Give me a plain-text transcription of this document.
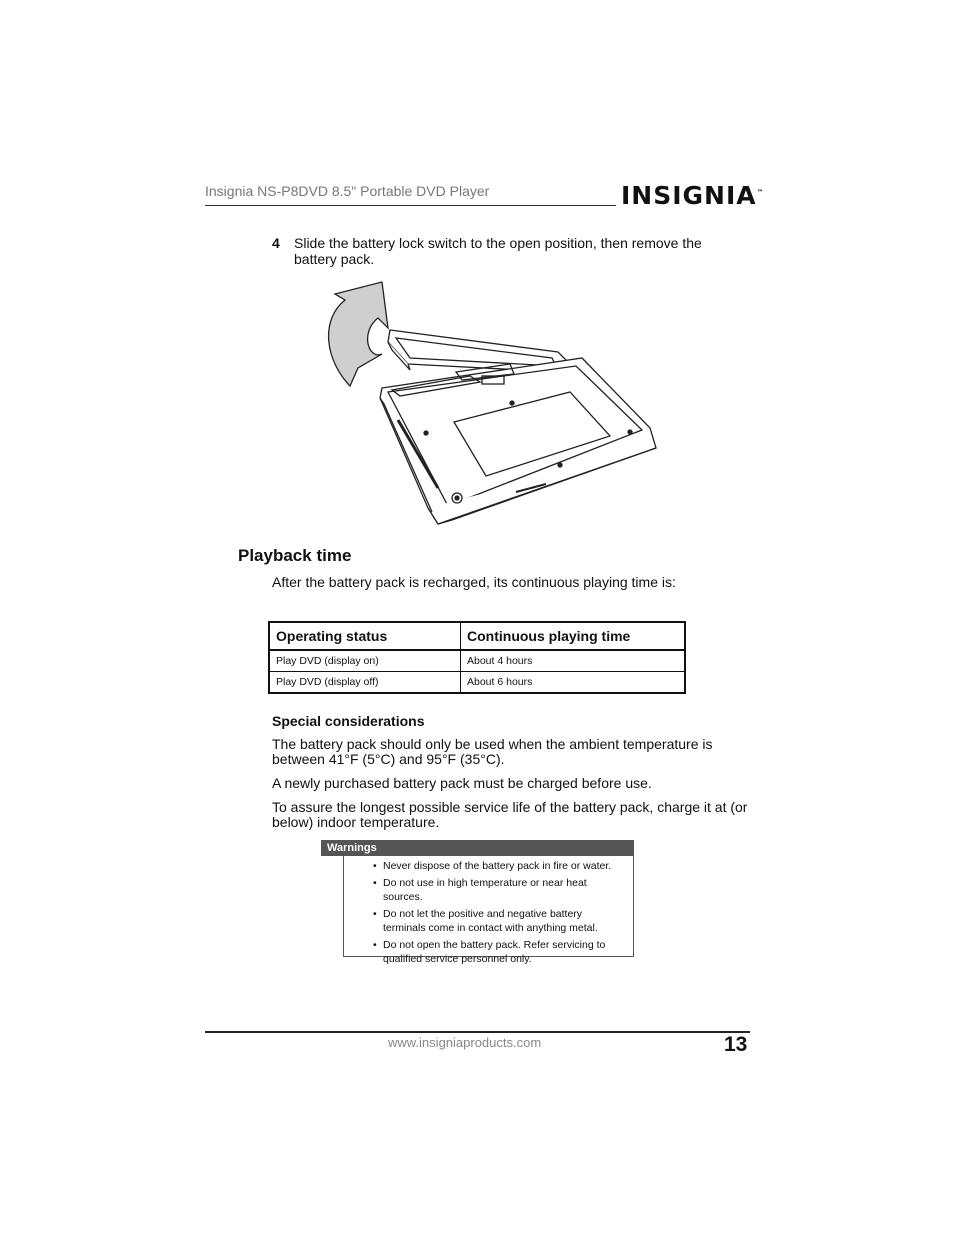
Insignia NS-P8DVD 8.5" Portable DVD Player	INSIGNIA™
4 Slide the battery lock switch to the open position, then remove the battery pack.
Playback time
After the battery pack is recharged, its continuous playing time is:
Operating status	Continuous playing time
Play DVD (display on)	About 4 hours
Play DVD (display off)	About 6 hours
Special considerations
The battery pack should only be used when the ambient temperature is between 41°F (5°C) and 95°F (35°C).
A newly purchased battery pack must be charged before use.
To assure the longest possible service life of the battery pack, charge it at (or below) indoor temperature.
Warnings
• Never dispose of the battery pack in fire or water.
• Do not use in high temperature or near heat sources.
• Do not let the positive and negative battery terminals come in contact with anything metal.
• Do not open the battery pack. Refer servicing to qualified service personnel only.
www.insigniaproducts.com	13
